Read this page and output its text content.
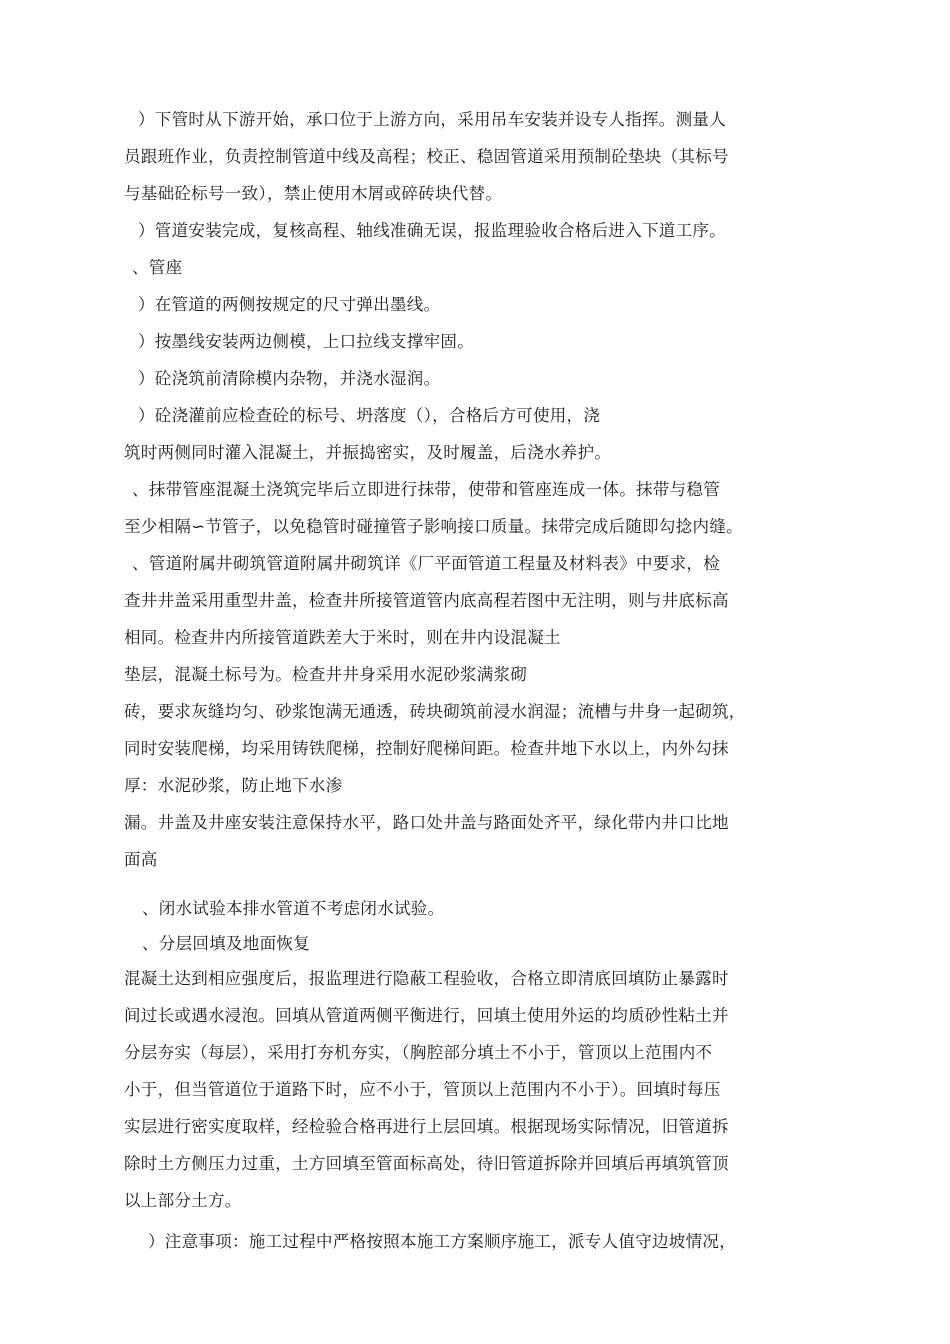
）下管时从下游开始，承口位于上游方向，采用吊车安装并设专人指挥。测量人
员跟班作业，负责控制管道中线及高程；校正、稳固管道采用预制砼垫块（其标号
与基础砼标号一致），禁止使用木屑或碎砖块代替。
）管道安装完成，复核高程、轴线准确无误，报监理验收合格后进入下道工序。
、管座
）在管道的两侧按规定的尺寸弹出墨线。
）按墨线安装两边侧模，上口拉线支撑牢固。
）砼浇筑前清除模内杂物，并浇水湿润。
）砼浇灌前应检查砼的标号、坍落度（），合格后方可使用，浇
筑时两侧同时灌入混凝土，并振捣密实，及时履盖，后浇水养护。
、抹带管座混凝土浇筑完毕后立即进行抹带，使带和管座连成一体。抹带与稳管
至少相隔∽节管子，以免稳管时碰撞管子影响接口质量。抹带完成后随即勾捻内缝。
、管道附属井砌筑管道附属井砌筑详《厂平面管道工程量及材料表》中要求，检
查井井盖采用重型井盖，检查井所接管道管内底高程若图中无注明，则与井底标高
相同。检查井内所接管道跌差大于米时，则在井内设混凝土
垫层，混凝土标号为。检查井井身采用水泥砂浆满浆砌
砖，要求灰缝均匀、砂浆饱满无通透，砖块砌筑前浸水润湿；流槽与井身一起砌筑，
同时安装爬梯，均采用铸铁爬梯，控制好爬梯间距。检查井地下水以上，内外勾抹
厚：水泥砂浆，防止地下水渗
漏。井盖及井座安装注意保持水平，路口处井盖与路面处齐平，绿化带内井口比地
面高
、闭水试验本排水管道不考虑闭水试验。
、分层回填及地面恢复
混凝土达到相应强度后，报监理进行隐蔽工程验收，合格立即清底回填防止暴露时
间过长或遇水浸泡。回填从管道两侧平衡进行，回填土使用外运的均质砂性粘土并
分层夯实（每层），采用打夯机夯实，（胸腔部分填土不小于，管顶以上范围内不
小于，但当管道位于道路下时，应不小于，管顶以上范围内不小于）。回填时每压
实层进行密实度取样，经检验合格再进行上层回填。根据现场实际情况，旧管道拆
除时土方侧压力过重，土方回填至管面标高处，待旧管道拆除并回填后再填筑管顶
以上部分土方。
）注意事项：施工过程中严格按照本施工方案顺序施工，派专人值守边坡情况，
